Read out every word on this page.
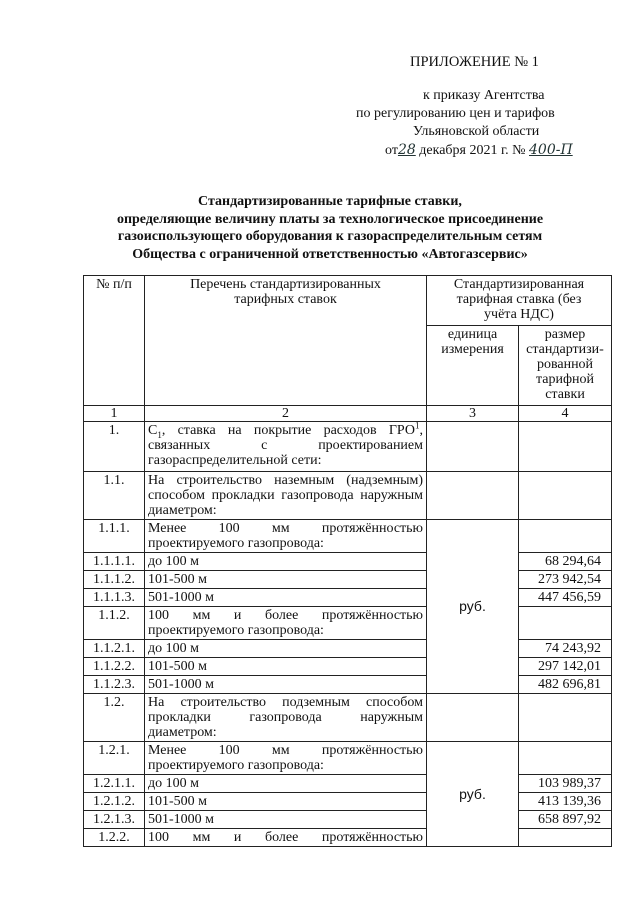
ПРИЛОЖЕНИЕ № 1
к приказу Агентства
по регулированию цен и тарифов
Ульяновской области
от28 декабря 2021 г. № 400-П
Стандартизированные тарифные ставки,
определяющие величину платы за технологическое присоединение
газоиспользующего оборудования к газораспределительным сетям
Общества с ограниченной ответственностью «Автогазсервис»
№ п/п	Перечень стандартизированных тарифных ставок	Стандартизированная тарифная ставка (без учёта НДС)	
		единица измерения	размер стандартизи-рованной тарифной ставки
1	2	3	4
1.	$С_1$, ставка на покрытие расходов ГРО$^1$, связанных с проектированием газораспределительной сети:		
1.1.	На строительство наземным (надземным) способом прокладки газопровода наружным диаметром:		
1.1.1.	Менее 100 мм протяжённостью проектируемого газопровода:	руб.	
1.1.1.1.	до 100 м		68 294,64
1.1.1.2.	101-500 м		273 942,54
1.1.1.3.	501-1000 м		447 456,59
1.1.2.	100 мм и более протяжённостью проектируемого газопровода:		
1.1.2.1.	до 100 м		74 243,92
1.1.2.2.	101-500 м		297 142,01
1.1.2.3.	501-1000 м		482 696,81
1.2.	На строительство подземным способом прокладки газопровода наружным диаметром:		
1.2.1.	Менее 100 мм протяжённостью проектируемого газопровода:	руб.	
1.2.1.1.	до 100 м		103 989,37
1.2.1.2.	101-500 м		413 139,36
1.2.1.3.	501-1000 м		658 897,92
1.2.2.	100 мм и более протяжённостью		
